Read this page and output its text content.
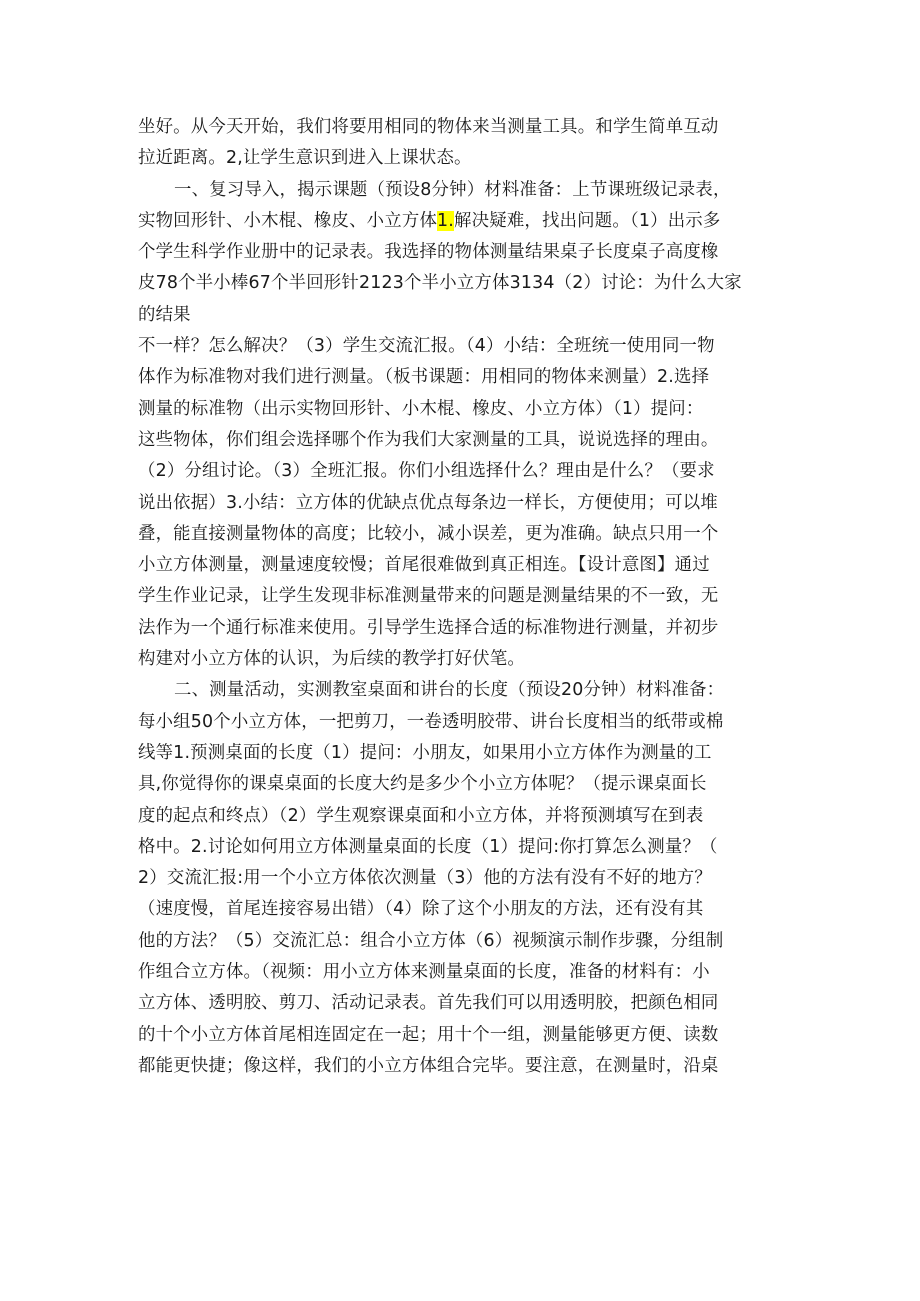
坐好。从今天开始，我们将要用相同的物体来当测量工具。和学生简单互动
拉近距离。2,让学生意识到进入上课状态。
一、复习导入，揭示课题（预设8分钟）材料准备：上节课班级记录表，
实物回形针、小木棍、橡皮、小立方体1.解决疑难，找出问题。（1）出示多
个学生科学作业册中的记录表。我选择的物体测量结果桌子长度桌子高度橡
皮78个半小棒67个半回形针2123个半小立方体3134（2）讨论：为什么大家
的结果
不一样？怎么解决？（3）学生交流汇报。（4）小结：全班统一使用同一物
体作为标准物对我们进行测量。（板书课题：用相同的物体来测量）2.选择
测量的标准物（出示实物回形针、小木棍、橡皮、小立方体）（1）提问：
这些物体，你们组会选择哪个作为我们大家测量的工具，说说选择的理由。
（2）分组讨论。（3）全班汇报。你们小组选择什么？理由是什么？（要求
说出依据）3.小结：立方体的优缺点优点每条边一样长，方便使用；可以堆
叠，能直接测量物体的高度；比较小，减小误差，更为准确。缺点只用一个
小立方体测量，测量速度较慢；首尾很难做到真正相连。【设计意图】通过
学生作业记录，让学生发现非标准测量带来的问题是测量结果的不一致，无
法作为一个通行标准来使用。引导学生选择合适的标准物进行测量，并初步
构建对小立方体的认识，为后续的教学打好伏笔。
二、测量活动，实测教室桌面和讲台的长度（预设20分钟）材料准备：
每小组50个小立方体，一把剪刀，一卷透明胶带、讲台长度相当的纸带或棉
线等1.预测桌面的长度（1）提问：小朋友，如果用小立方体作为测量的工
具,你觉得你的课桌桌面的长度大约是多少个小立方体呢？（提示课桌面长
度的起点和终点）（2）学生观察课桌面和小立方体，并将预测填写在到表
格中。2.讨论如何用立方体测量桌面的长度（1）提问:你打算怎么测量？（
2）交流汇报:用一个小立方体依次测量（3）他的方法有没有不好的地方？
（速度慢，首尾连接容易出错）（4）除了这个小朋友的方法，还有没有其
他的方法？（5）交流汇总：组合小立方体（6）视频演示制作步骤，分组制
作组合立方体。（视频：用小立方体来测量桌面的长度，准备的材料有：小
立方体、透明胶、剪刀、活动记录表。首先我们可以用透明胶，把颜色相同
的十个小立方体首尾相连固定在一起；用十个一组，测量能够更方便、读数
都能更快捷；像这样，我们的小立方体组合完毕。要注意，在测量时，沿桌
